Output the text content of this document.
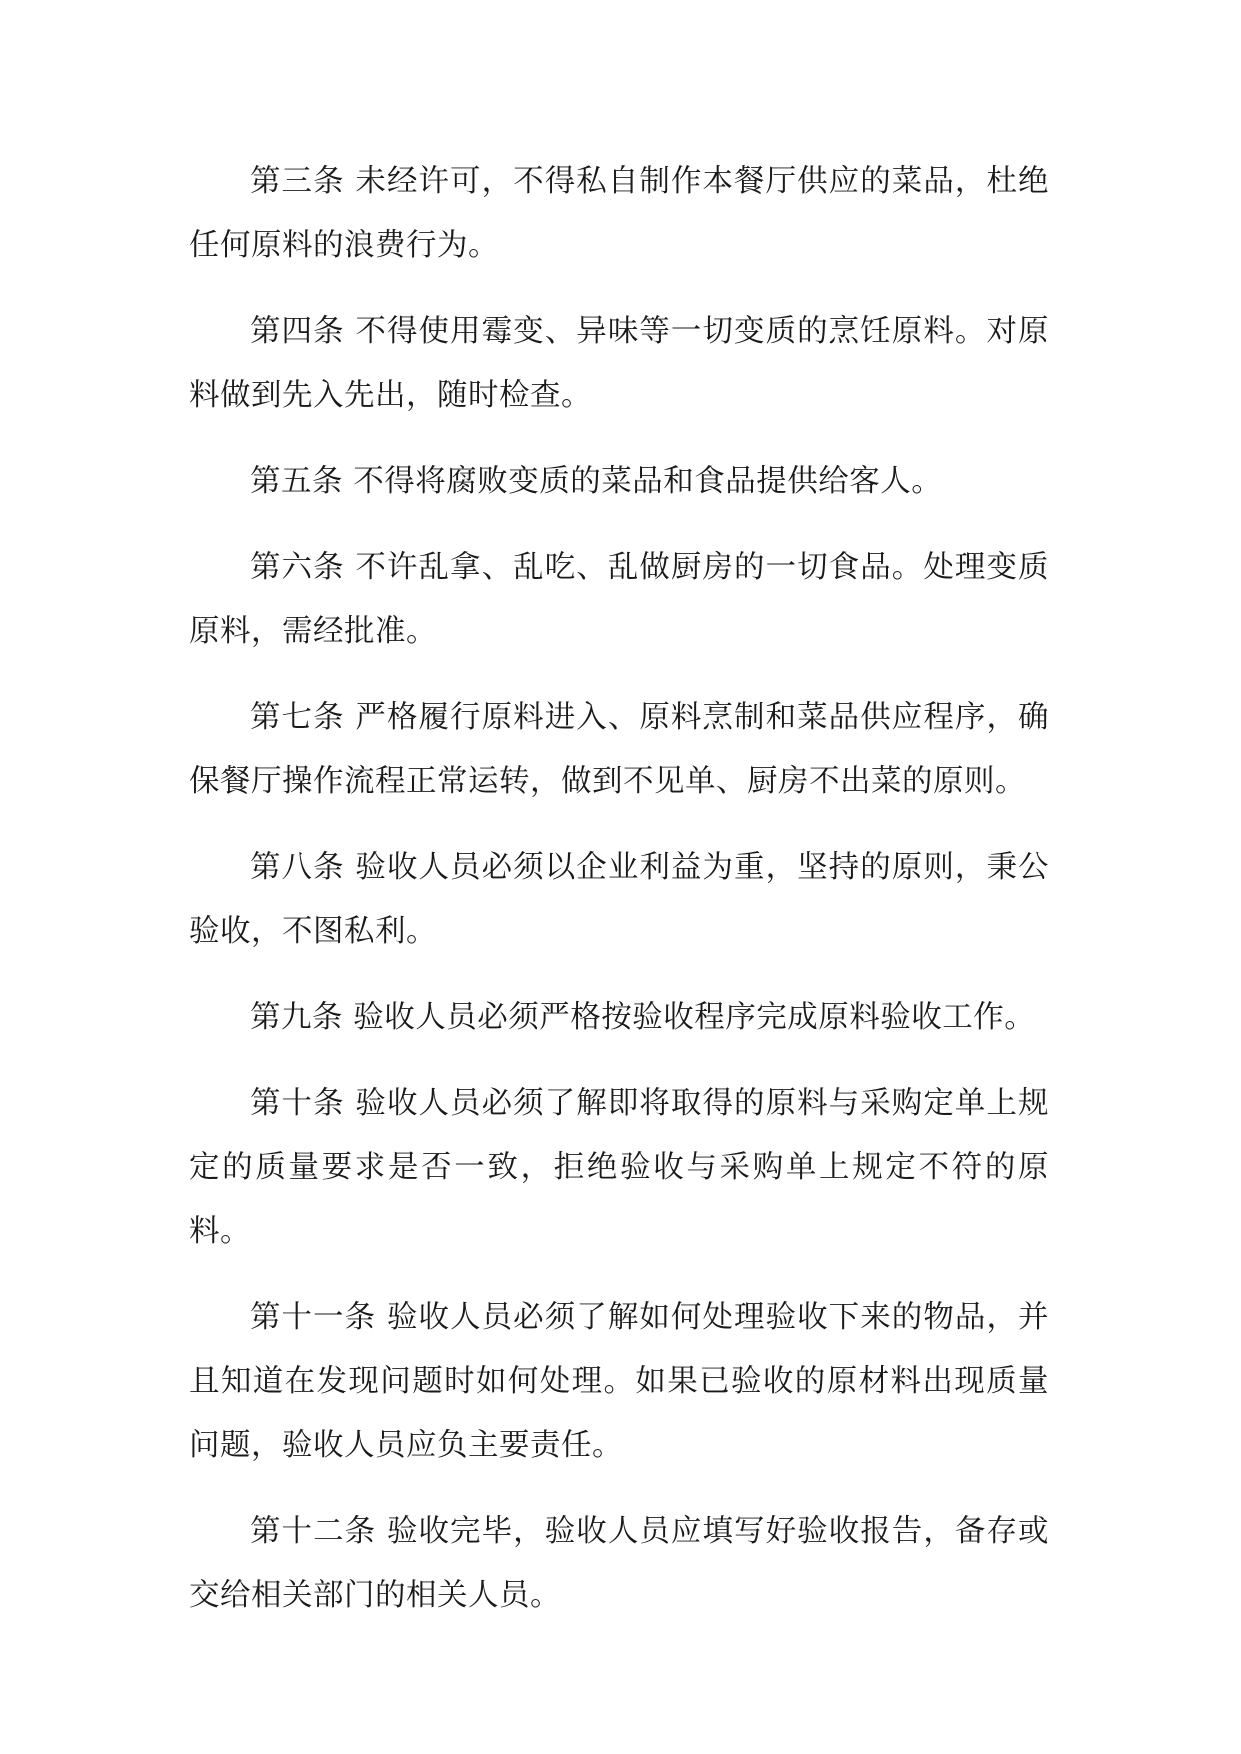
第三条 未经许可，不得私自制作本餐厅供应的菜品，杜绝任何原料的浪费行为。

第四条 不得使用霉变、异味等一切变质的烹饪原料。对原料做到先入先出，随时检查。

第五条 不得将腐败变质的菜品和食品提供给客人。

第六条 不许乱拿、乱吃、乱做厨房的一切食品。处理变质原料，需经批准。

第七条 严格履行原料进入、原料烹制和菜品供应程序，确保餐厅操作流程正常运转，做到不见单、厨房不出菜的原则。

第八条 验收人员必须以企业利益为重，坚持的原则，秉公验收，不图私利。

第九条 验收人员必须严格按验收程序完成原料验收工作。

第十条 验收人员必须了解即将取得的原料与采购定单上规定的质量要求是否一致，拒绝验收与采购单上规定不符的原料。

第十一条 验收人员必须了解如何处理验收下来的物品，并且知道在发现问题时如何处理。如果已验收的原材料出现质量问题，验收人员应负主要责任。

第十二条 验收完毕，验收人员应填写好验收报告，备存或交给相关部门的相关人员。
